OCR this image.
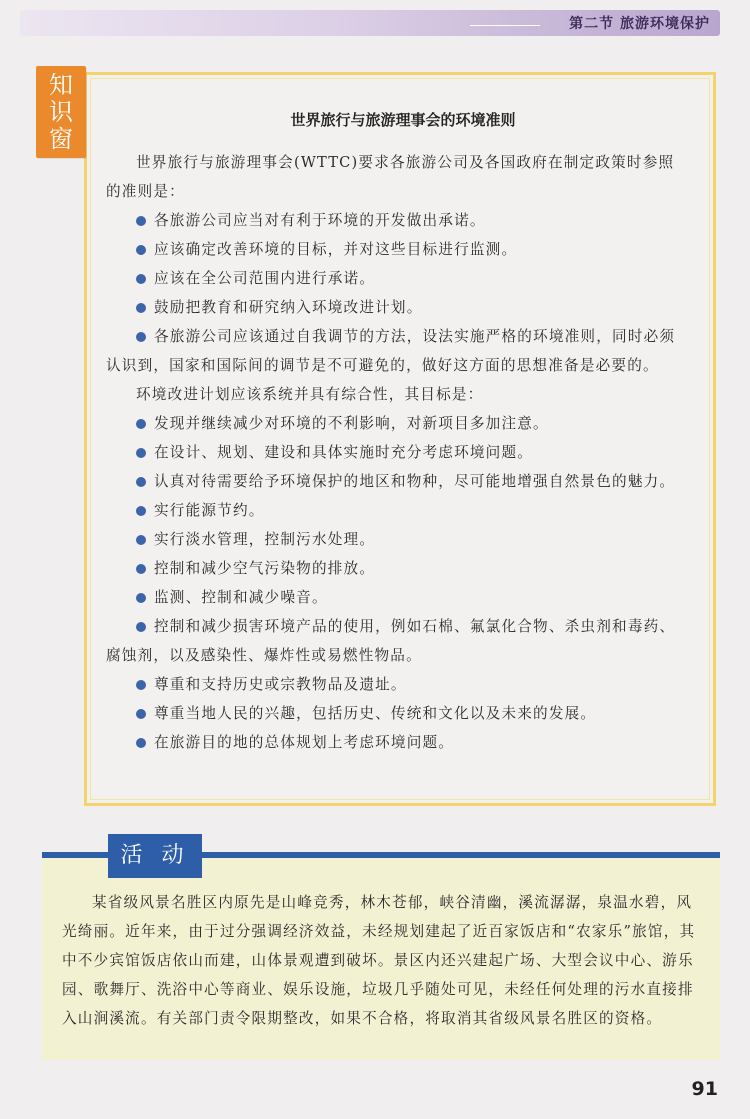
第二节 旅游环境保护
世界旅行与旅游理事会的环境准则
知
识
窗

世界旅行与旅游理事会(WTTC)要求各旅游公司及各国政府在制定政策时参照的准则是：

各旅游公司应当对有利于环境的开发做出承诺。

应该确定改善环境的目标，并对这些目标进行监测。

应该在全公司范围内进行承诺。

鼓励把教育和研究纳入环境改进计划。

各旅游公司应该通过自我调节的方法，设法实施严格的环境准则，同时必须认识到，国家和国际间的调节是不可避免的，做好这方面的思想准备是必要的。

环境改进计划应该系统并具有综合性，其目标是：

发现并继续减少对环境的不利影响，对新项目多加注意。

在设计、规划、建设和具体实施时充分考虑环境问题。

认真对待需要给予环境保护的地区和物种，尽可能地增强自然景色的魅力。

实行能源节约。

实行淡水管理，控制污水处理。

控制和减少空气污染物的排放。

监测、控制和减少噪音。

控制和减少损害环境产品的使用，例如石棉、氟氯化合物、杀虫剂和毒药、腐蚀剂，以及感染性、爆炸性或易燃性物品。

尊重和支持历史或宗教物品及遗址。

尊重当地人民的兴趣，包括历史、传统和文化以及未来的发展。

在旅游目的地的总体规划上考虑环境问题。

活 动

某省级风景名胜区内原先是山峰竞秀，林木苍郁，峡谷清幽，溪流潺潺，泉温水碧，风光绮丽。近年来，由于过分强调经济效益，未经规划建起了近百家饭店和“农家乐”旅馆，其中不少宾馆饭店依山而建，山体景观遭到破坏。景区内还兴建起广场、大型会议中心、游乐园、歌舞厅、洗浴中心等商业、娱乐设施，垃圾几乎随处可见，未经任何处理的污水直接排入山涧溪流。有关部门责令限期整改，如果不合格，将取消其省级风景名胜区的资格。

91
